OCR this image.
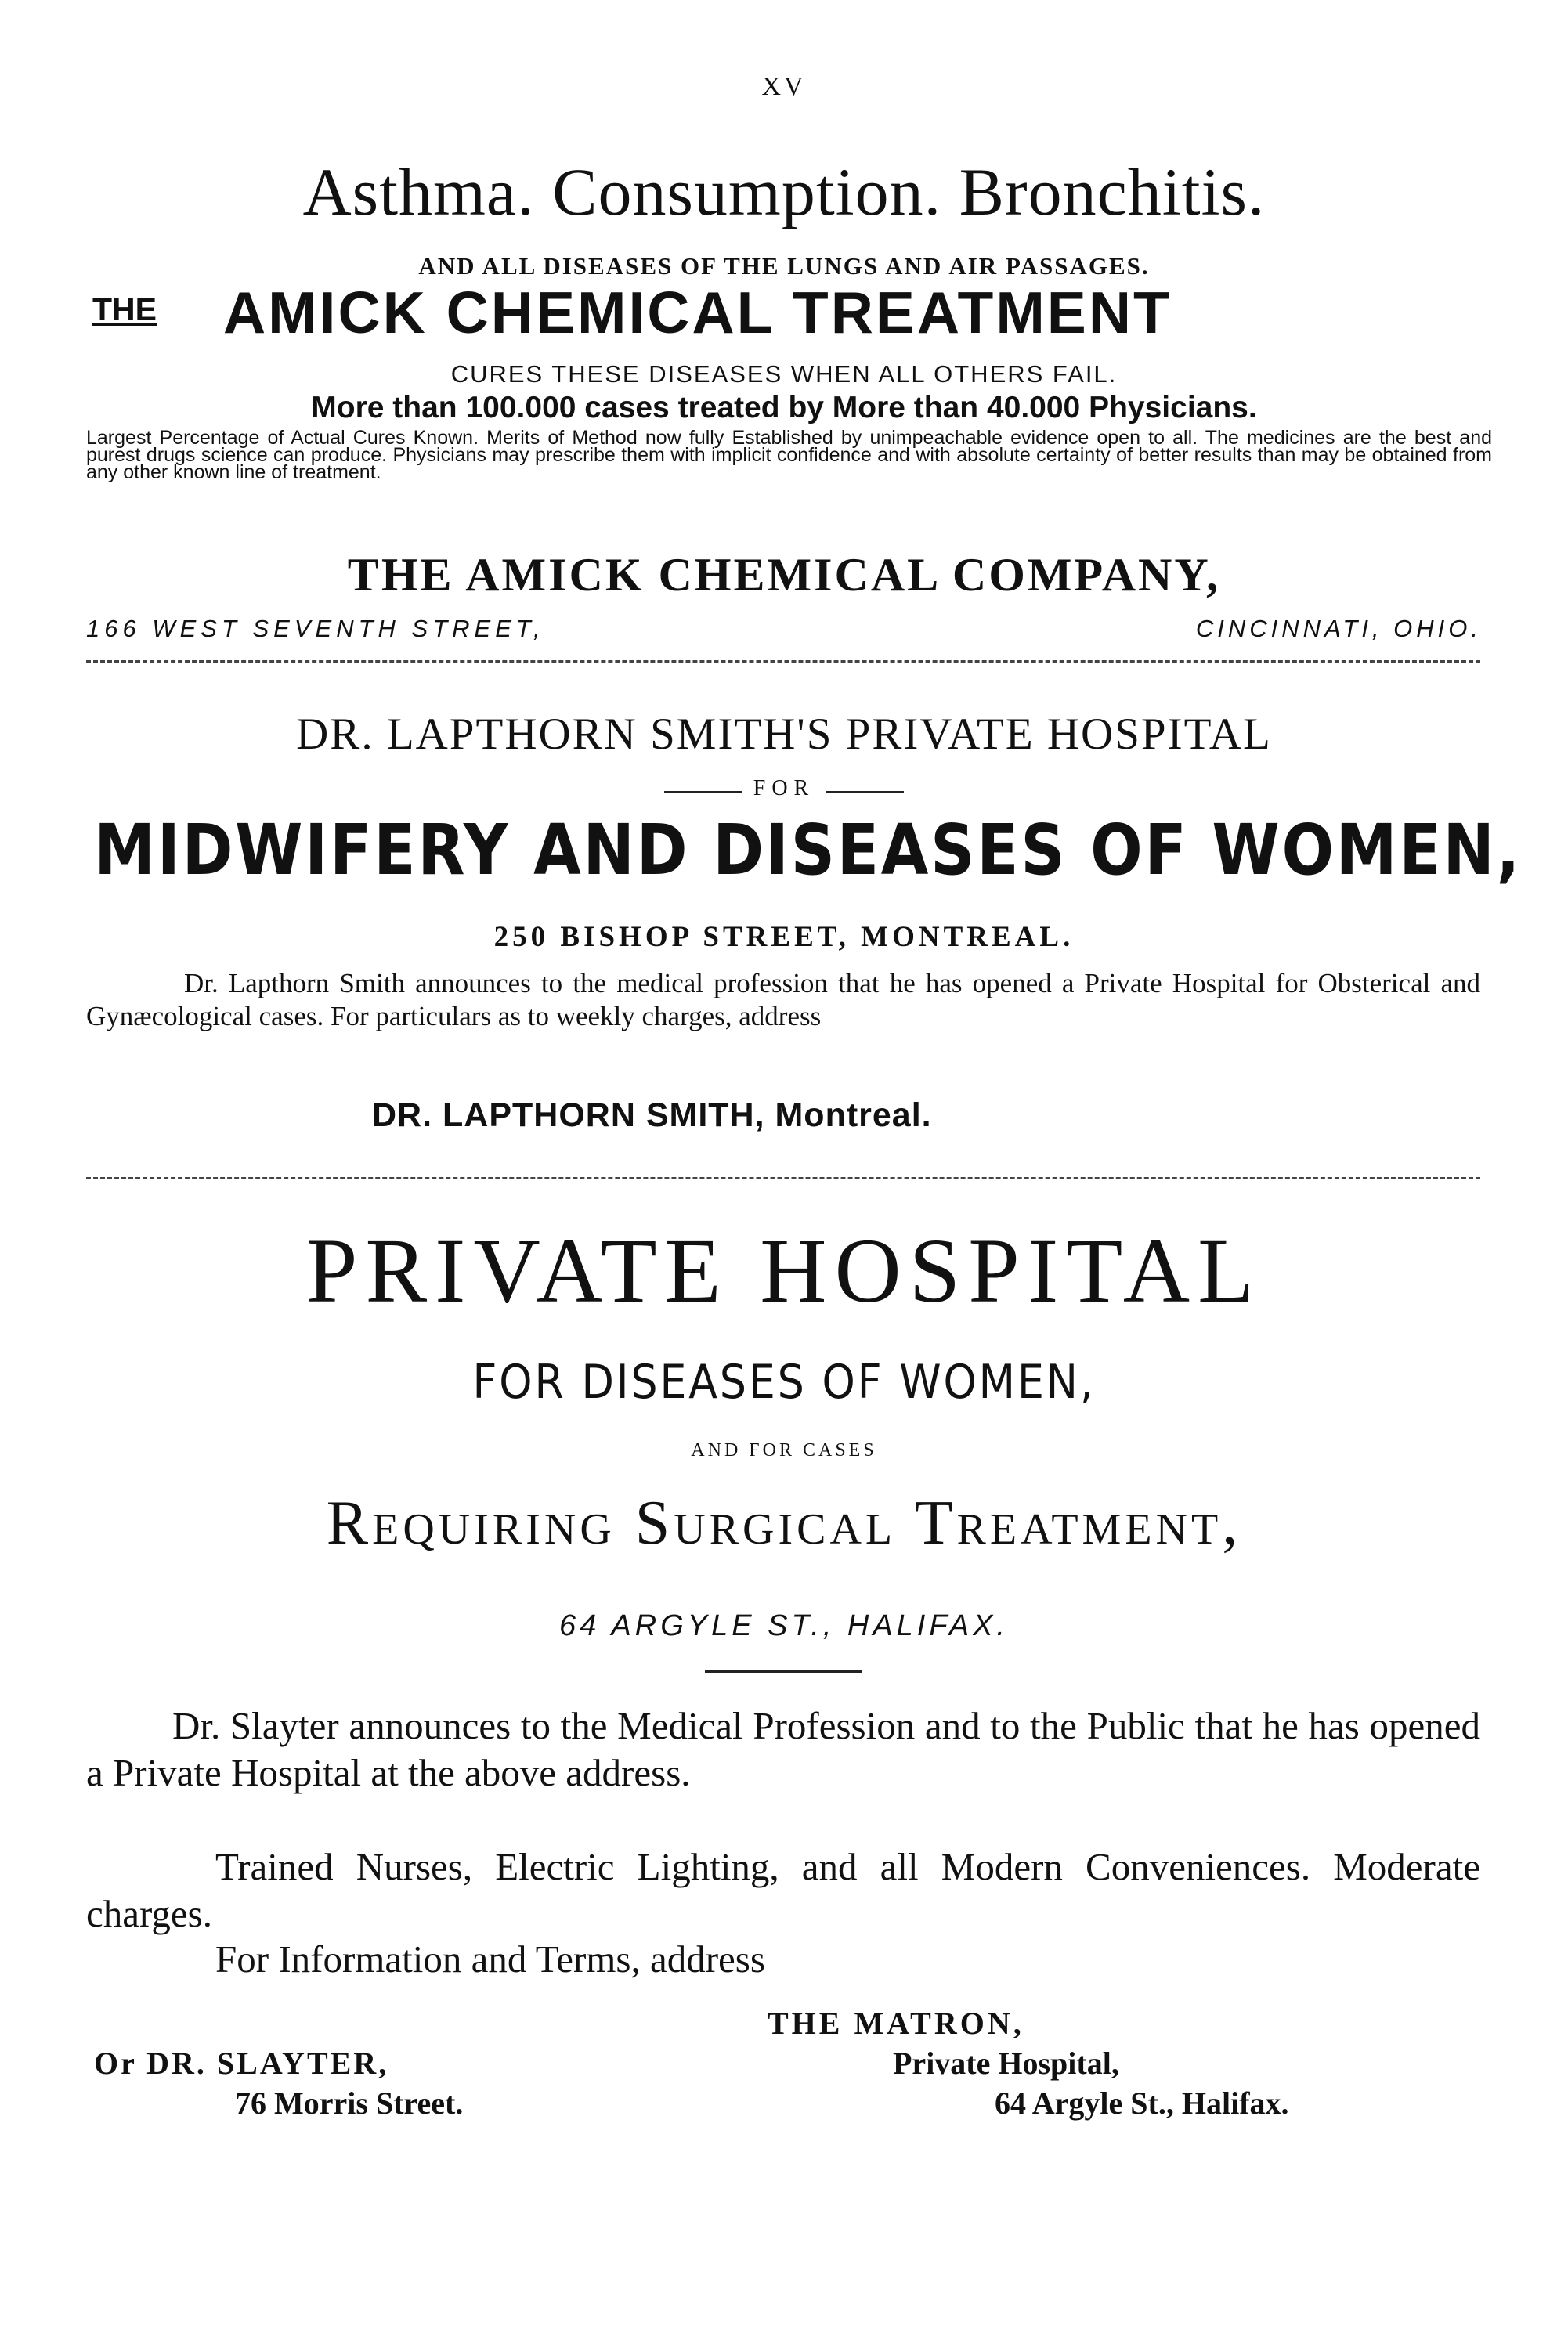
XV
Asthma. Consumption. Bronchitis.
AND ALL DISEASES OF THE LUNGS AND AIR PASSAGES.
THE AMICK CHEMICAL TREATMENT
CURES THESE DISEASES WHEN ALL OTHERS FAIL.
More than 100.000 cases treated by More than 40.000 Physicians.
Largest Percentage of Actual Cures Known. Merits of Method now fully Established by unimpeachable evidence open to all. The medicines are the best and purest drugs science can produce. Physicians may prescribe them with implicit confidence and with absolute certainty of better results than may be obtained from any other known line of treatment.
THE AMICK CHEMICAL COMPANY,
166 WEST SEVENTH STREET,	CINCINNATI, OHIO.
DR. LAPTHORN SMITH'S PRIVATE HOSPITAL
FOR
MIDWIFERY AND DISEASES OF WOMEN,
250 BISHOP STREET, MONTREAL.
Dr. Lapthorn Smith announces to the medical profession that he has opened a Private Hospital for Obsterical and Gynæcological cases. For particulars as to weekly charges, address
DR. LAPTHORN SMITH, Montreal.
PRIVATE HOSPITAL
FOR DISEASES OF WOMEN,
AND FOR CASES
Requiring Surgical Treatment,
64 ARGYLE ST., HALIFAX.
Dr. Slayter announces to the Medical Profession and to the Public that he has opened a Private Hospital at the above address.
Trained Nurses, Electric Lighting, and all Modern Conveniences. Moderate charges.
For Information and Terms, address
THE MATRON,
Or DR. SLAYTER,	Private Hospital,
76 Morris Street.	64 Argyle St., Halifax.
